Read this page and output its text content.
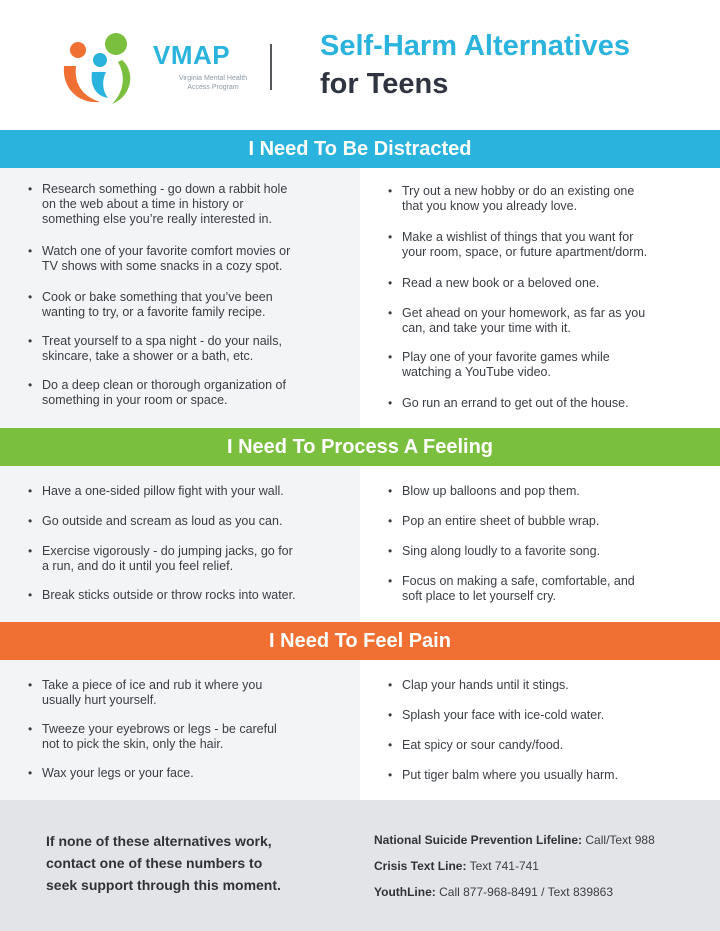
VMAP
Virginia Mental Health
Access Program
Self-Harm Alternatives
for Teens
I Need To Be Distracted
• Research something - go down a rabbit hole
on the web about a time in history or
something else you’re really interested in.
• Watch one of your favorite comfort movies or
TV shows with some snacks in a cozy spot.
• Cook or bake something that you’ve been
wanting to try, or a favorite family recipe.
• Treat yourself to a spa night - do your nails,
skincare, take a shower or a bath, etc.
• Do a deep clean or thorough organization of
something in your room or space.
• Try out a new hobby or do an existing one
that you know you already love.
• Make a wishlist of things that you want for
your room, space, or future apartment/dorm.
• Read a new book or a beloved one.
• Get ahead on your homework, as far as you
can, and take your time with it.
• Play one of your favorite games while
watching a YouTube video.
• Go run an errand to get out of the house.
I Need To Process A Feeling
• Have a one-sided pillow fight with your wall.
• Go outside and scream as loud as you can.
• Exercise vigorously - do jumping jacks, go for
a run, and do it until you feel relief.
• Break sticks outside or throw rocks into water.
• Blow up balloons and pop them.
• Pop an entire sheet of bubble wrap.
• Sing along loudly to a favorite song.
• Focus on making a safe, comfortable, and
soft place to let yourself cry.
I Need To Feel Pain
• Take a piece of ice and rub it where you
usually hurt yourself.
• Tweeze your eyebrows or legs - be careful
not to pick the skin, only the hair.
• Wax your legs or your face.
• Clap your hands until it stings.
• Splash your face with ice-cold water.
• Eat spicy or sour candy/food.
• Put tiger balm where you usually harm.
If none of these alternatives work,
contact one of these numbers to
seek support through this moment.
National Suicide Prevention Lifeline: Call/Text 988
Crisis Text Line: Text 741-741
YouthLine: Call 877-968-8491 / Text 839863
